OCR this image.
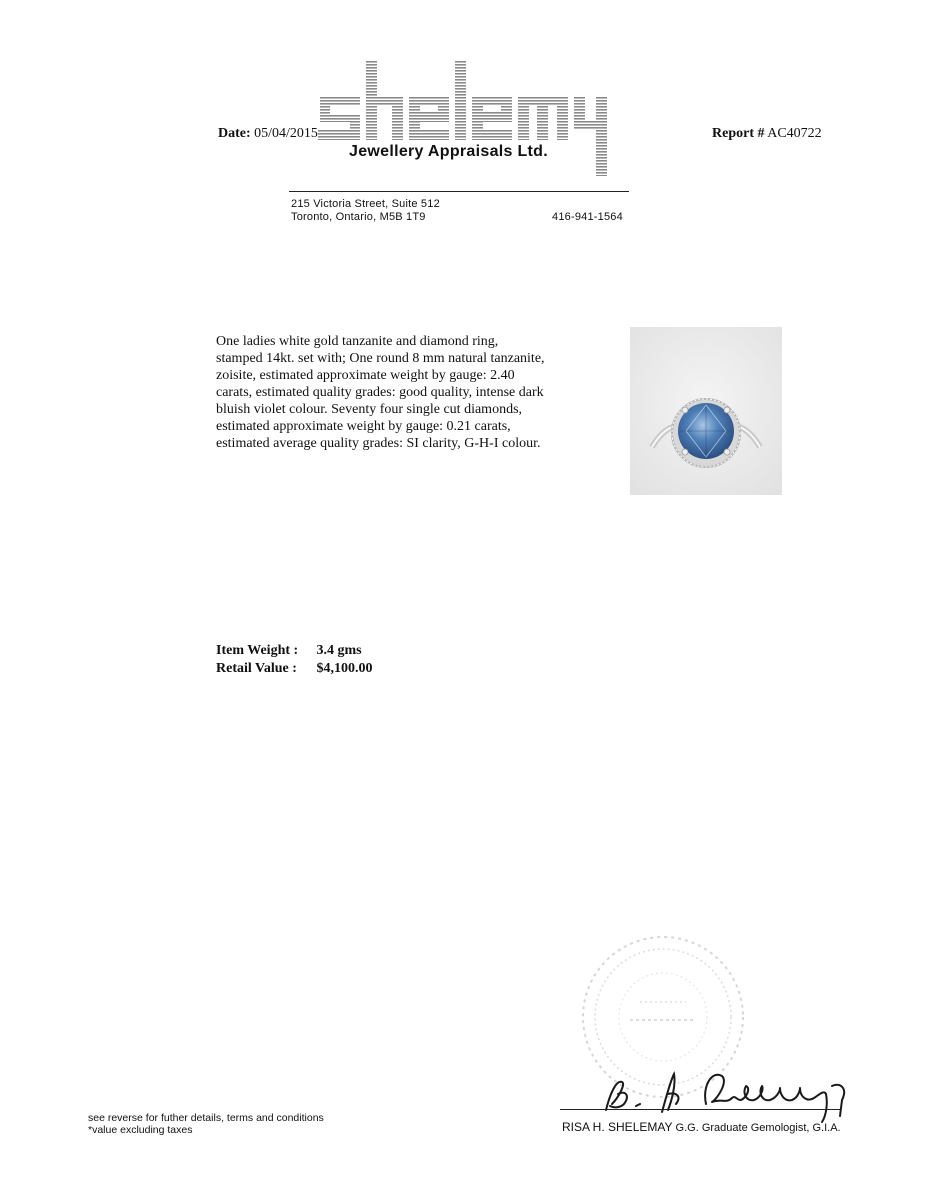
Date: 05/04/2015	Report # AC40722
Jewellery Appraisals Ltd.
215 Victoria Street, Suite 512
Toronto, Ontario, M5B 1T9	416-941-1564
One ladies white gold tanzanite and diamond ring,
stamped 14kt. set with; One round 8 mm natural tanzanite,
zoisite, estimated approximate weight by gauge: 2.40
carats, estimated quality grades: good quality, intense dark
bluish violet colour. Seventy four single cut diamonds,
estimated approximate weight by gauge: 0.21 carats,
estimated average quality grades: SI clarity, G-H-I colour.
Item Weight : 3.4 gms
Retail Value : $4,100.00
RISA H. SHELEMAY G.G. Graduate Gemologist, G.I.A.
see reverse for futher details, terms and conditions
*value excluding taxes
